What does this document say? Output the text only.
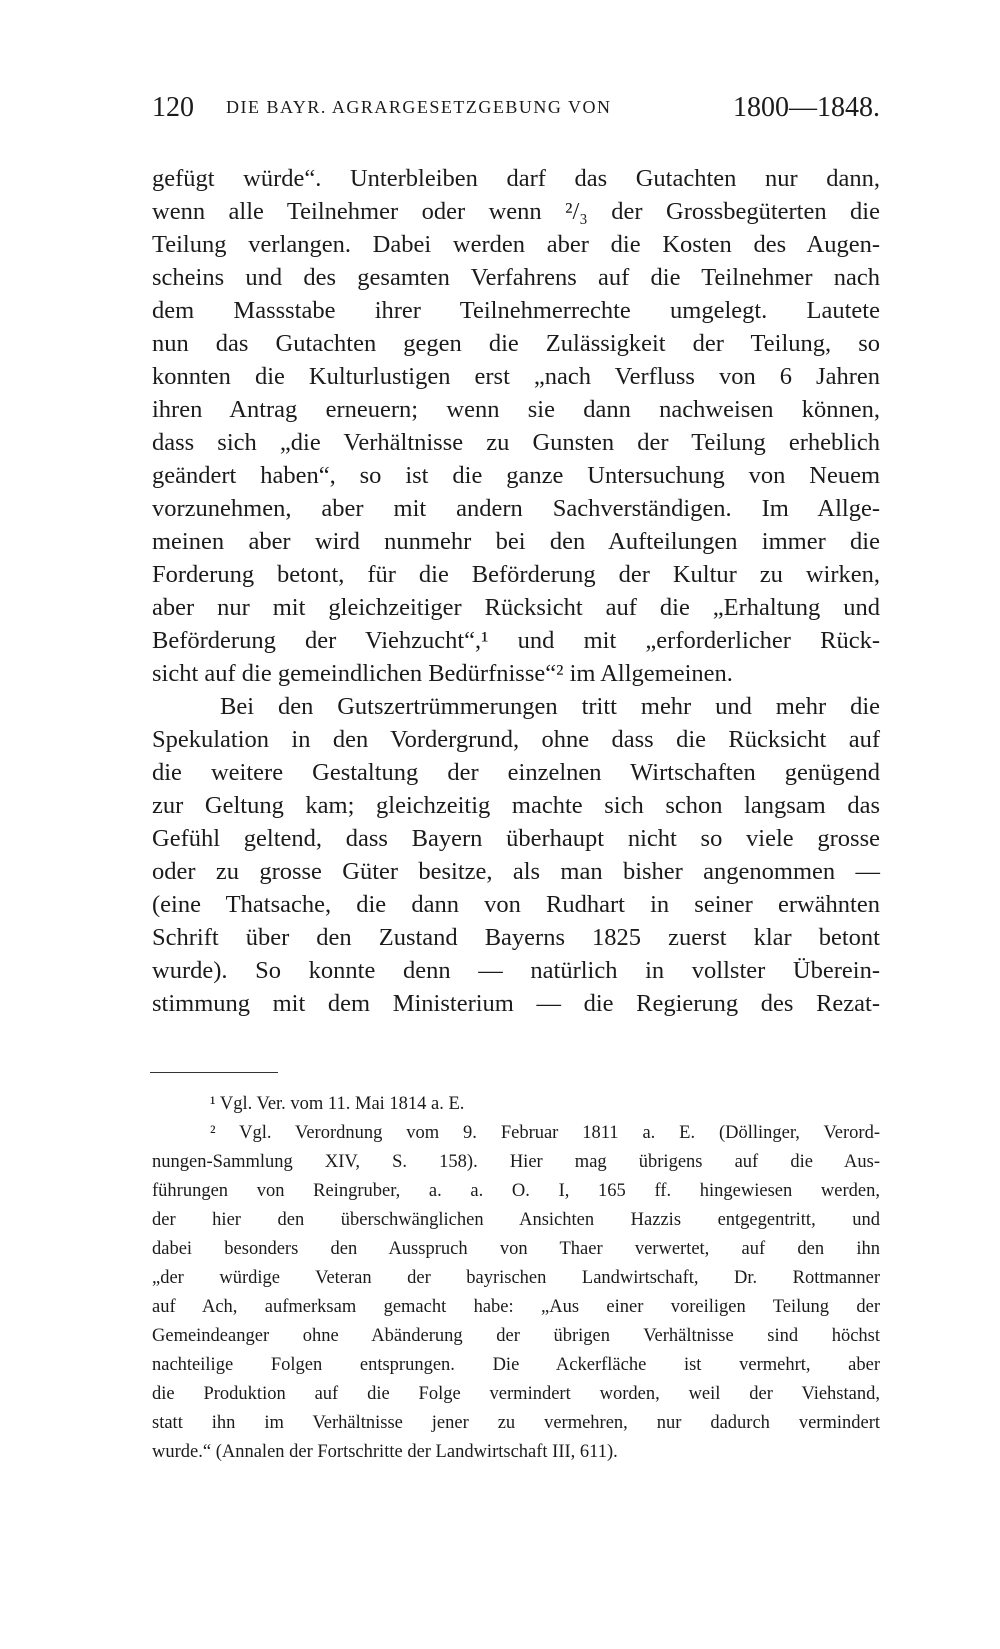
120 DIE BAYR. AGRARGESETZGEBUNG VON	1800—1848.
gefügt würde“. Unterbleiben darf das Gutachten nur dann,
wenn alle Teilnehmer oder wenn ²/₃ der Grossbegüterten die
Teilung verlangen. Dabei werden aber die Kosten des Augen-
scheins und des gesamten Verfahrens auf die Teilnehmer nach
dem Massstabe ihrer Teilnehmerrechte umgelegt. Lautete
nun das Gutachten gegen die Zulässigkeit der Teilung, so
konnten die Kulturlustigen erst „nach Verfluss von 6 Jahren
ihren Antrag erneuern; wenn sie dann nachweisen können,
dass sich „die Verhältnisse zu Gunsten der Teilung erheblich
geändert haben“, so ist die ganze Untersuchung von Neuem
vorzunehmen, aber mit andern Sachverständigen. Im Allge-
meinen aber wird nunmehr bei den Aufteilungen immer die
Forderung betont, für die Beförderung der Kultur zu wirken,
aber nur mit gleichzeitiger Rücksicht auf die „Erhaltung und
Beförderung der Viehzucht“,¹ und mit „erforderlicher Rück-
sicht auf die gemeindlichen Bedürfnisse“² im Allgemeinen.
Bei den Gutszertrümmerungen tritt mehr und mehr die
Spekulation in den Vordergrund, ohne dass die Rücksicht auf
die weitere Gestaltung der einzelnen Wirtschaften genügend
zur Geltung kam; gleichzeitig machte sich schon langsam das
Gefühl geltend, dass Bayern überhaupt nicht so viele grosse
oder zu grosse Güter besitze, als man bisher angenommen —
(eine Thatsache, die dann von Rudhart in seiner erwähnten
Schrift über den Zustand Bayerns 1825 zuerst klar betont
wurde). So konnte denn — natürlich in vollster Überein-
stimmung mit dem Ministerium — die Regierung des Rezat-
¹ Vgl. Ver. vom 11. Mai 1814 a. E.
² Vgl. Verordnung vom 9. Februar 1811 a. E. (Döllinger, Verord-
nungen-Sammlung XIV, S. 158). Hier mag übrigens auf die Aus-
führungen von Reingruber, a. a. O. I, 165 ff. hingewiesen werden,
der hier den überschwänglichen Ansichten Hazzis entgegentritt, und
dabei besonders den Ausspruch von Thaer verwertet, auf den ihn
„der würdige Veteran der bayrischen Landwirtschaft, Dr. Rottmanner
auf Ach, aufmerksam gemacht habe: „Aus einer voreiligen Teilung der
Gemeindeanger ohne Abänderung der übrigen Verhältnisse sind höchst
nachteilige Folgen entsprungen. Die Ackerfläche ist vermehrt, aber
die Produktion auf die Folge vermindert worden, weil der Viehstand,
statt ihn im Verhältnisse jener zu vermehren, nur dadurch vermindert
wurde.“ (Annalen der Fortschritte der Landwirtschaft III, 611).
